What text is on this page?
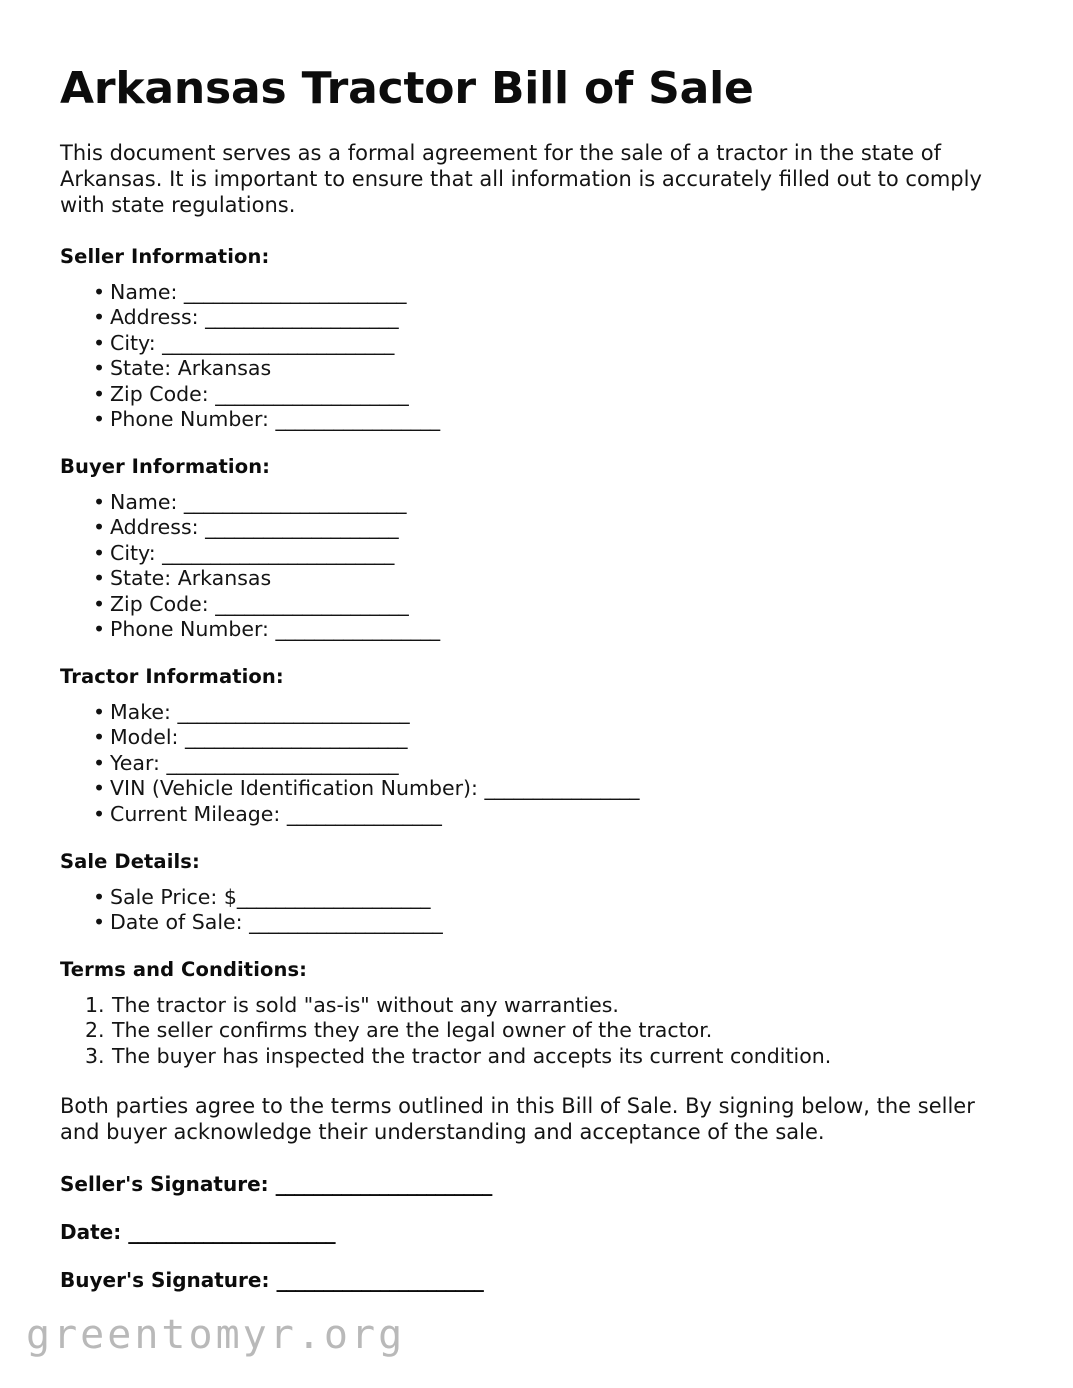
Arkansas Tractor Bill of Sale

This document serves as a formal agreement for the sale of a tractor in the state of Arkansas. It is important to ensure that all information is accurately filled out to comply with state regulations.

Seller Information:
• Name: _______________________
• Address: ____________________
• City: ________________________
• State: Arkansas
• Zip Code: ____________________
• Phone Number: _________________
Buyer Information:
• Name: _______________________
• Address: ____________________
• City: ________________________
• State: Arkansas
• Zip Code: ____________________
• Phone Number: _________________
Tractor Information:
• Make: ________________________
• Model: _______________________
• Year: ________________________
• VIN (Vehicle Identification Number): ________________
• Current Mileage: ________________
Sale Details:
• Sale Price: $____________________
• Date of Sale: ____________________
Terms and Conditions:
The tractor is sold "as-is" without any warranties.
The seller confirms they are the legal owner of the tractor.
The buyer has inspected the tractor and accepts its current condition.

Both parties agree to the terms outlined in this Bill of Sale. By signing below, the seller and buyer acknowledge their understanding and acceptance of the sale.

Seller's Signature: _______________________

Date: ______________________

Buyer's Signature: ______________________

greentomyr.org
